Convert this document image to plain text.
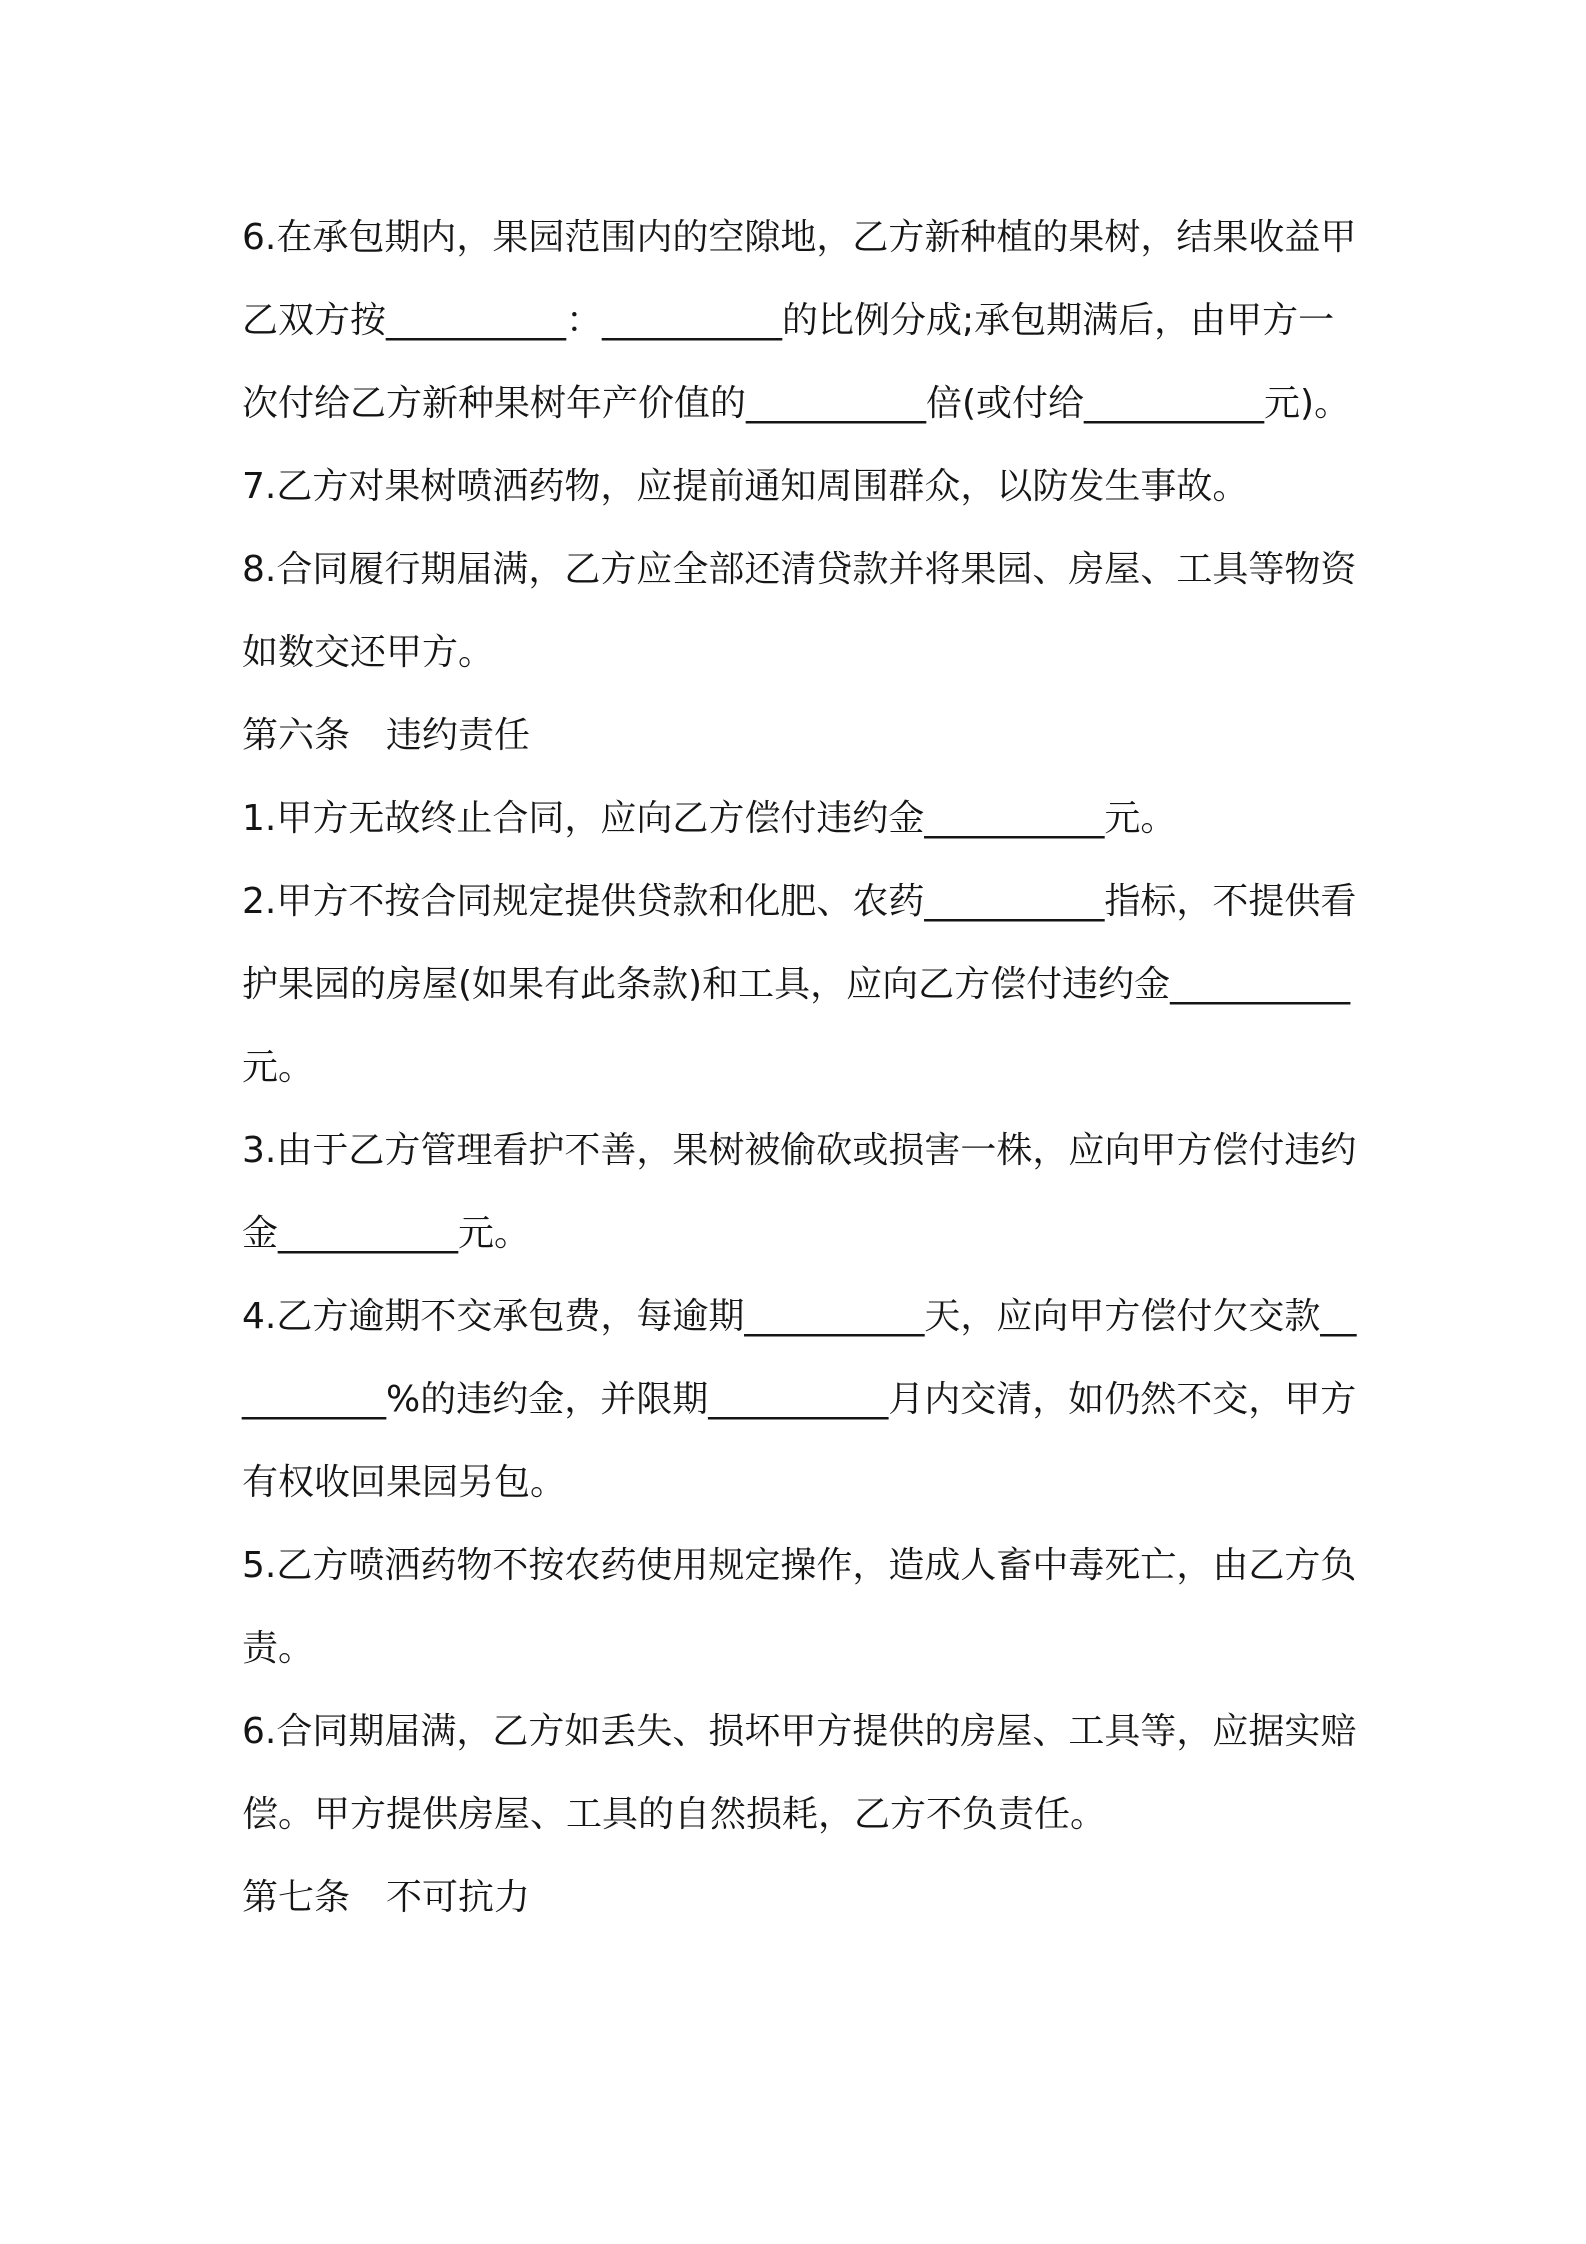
6.在承包期内，果园范围内的空隙地，乙方新种植的果树，结果收益甲乙双方按__________：__________的比例分成;承包期满后，由甲方一次付给乙方新种果树年产价值的__________倍(或付给__________元)。

7.乙方对果树喷洒药物，应提前通知周围群众，以防发生事故。

8.合同履行期届满，乙方应全部还清贷款并将果园、房屋、工具等物资如数交还甲方。

第六条　违约责任

1.甲方无故终止合同，应向乙方偿付违约金__________元。

2.甲方不按合同规定提供贷款和化肥、农药__________指标，不提供看护果园的房屋(如果有此条款)和工具，应向乙方偿付违约金__________元。

3.由于乙方管理看护不善，果树被偷砍或损害一株，应向甲方偿付违约金__________元。

4.乙方逾期不交承包费，每逾期__________天，应向甲方偿付欠交款__________%的违约金，并限期__________月内交清，如仍然不交，甲方有权收回果园另包。

5.乙方喷洒药物不按农药使用规定操作，造成人畜中毒死亡，由乙方负责。

6.合同期届满，乙方如丢失、损坏甲方提供的房屋、工具等，应据实赔偿。甲方提供房屋、工具的自然损耗，乙方不负责任。

第七条　不可抗力
